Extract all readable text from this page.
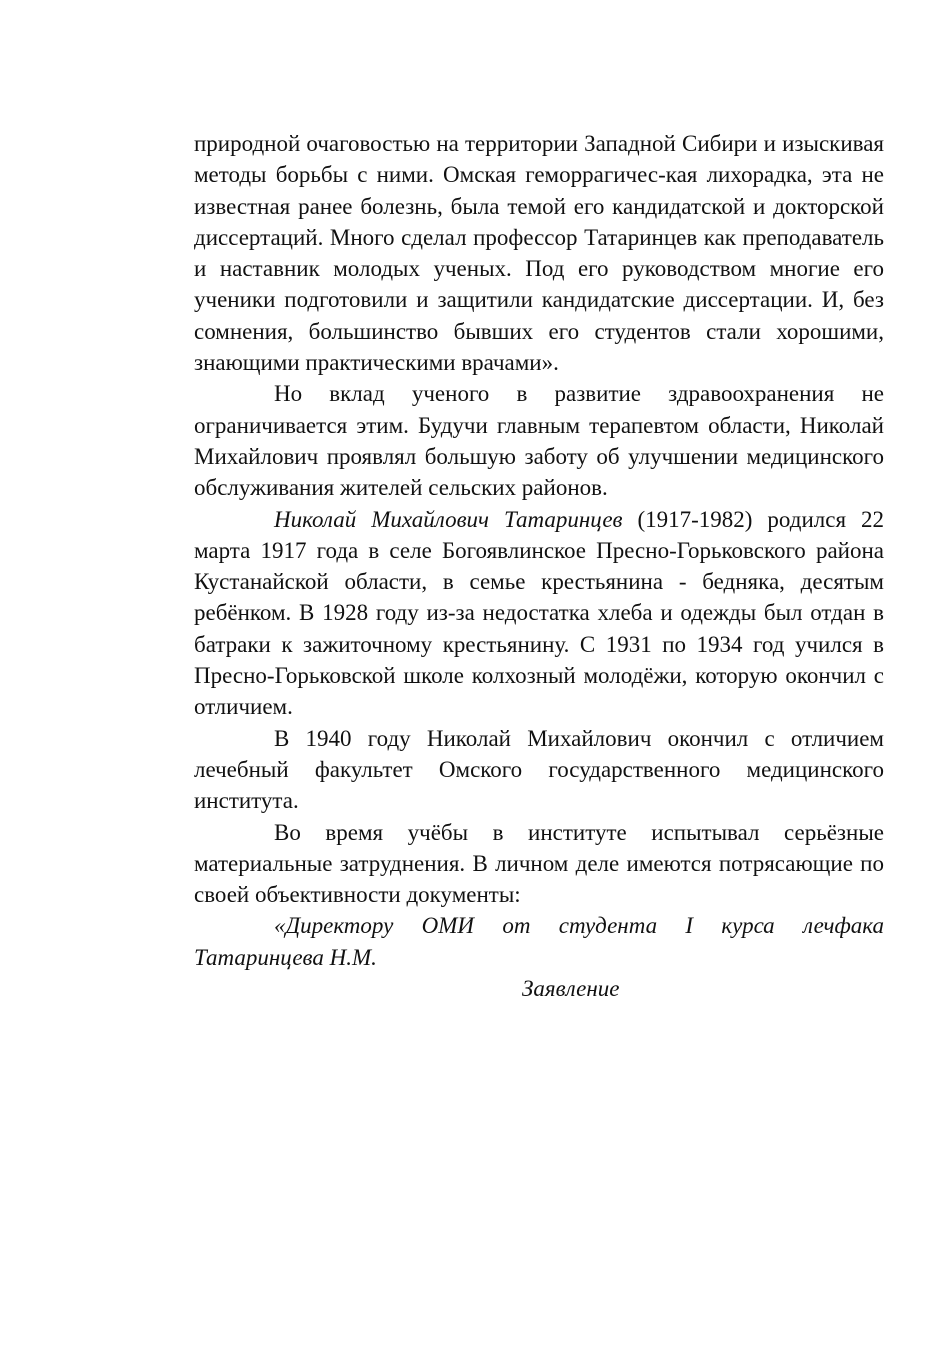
природной очаговостью на территории Западной Сибири и изыскивая методы борьбы с ними. Омская геморрагичес-кая лихорадка, эта не известная ранее болезнь, была темой его кандидатской и докторской диссертаций. Много сделал профессор Татаринцев как преподаватель и наставник молодых ученых. Под его руководством многие его ученики подготовили и защитили кандидатские диссертации. И, без сомнения, большинство бывших его студентов стали хорошими, знающими практическими врачами».

Но вклад ученого в развитие здравоохранения не ограничивается этим. Будучи главным терапевтом области, Николай Михайлович проявлял большую заботу об улучшении медицинского обслуживания жителей сельских районов.

Николай Михайлович Татаринцев (1917-1982) родился 22 марта 1917 года в селе Богоявлинское Пресно-Горьковского района Кустанайской области, в семье крестьянина - бедняка, десятым ребёнком. В 1928 году из-за недостатка хлеба и одежды был отдан в батраки к зажиточному крестьянину. С 1931 по 1934 год учился в Пресно-Горьковской школе колхозный молодёжи, которую окончил с отличием.

В 1940 году Николай Михайлович окончил с отличием лечебный факультет Омского государственного медицинского института.

Во время учёбы в институте испытывал серьёзные материальные затруднения. В личном деле имеются потрясающие по своей объективности документы:

«Директору ОМИ от студента I курса лечфака Татаринцева Н.М.

Заявление
